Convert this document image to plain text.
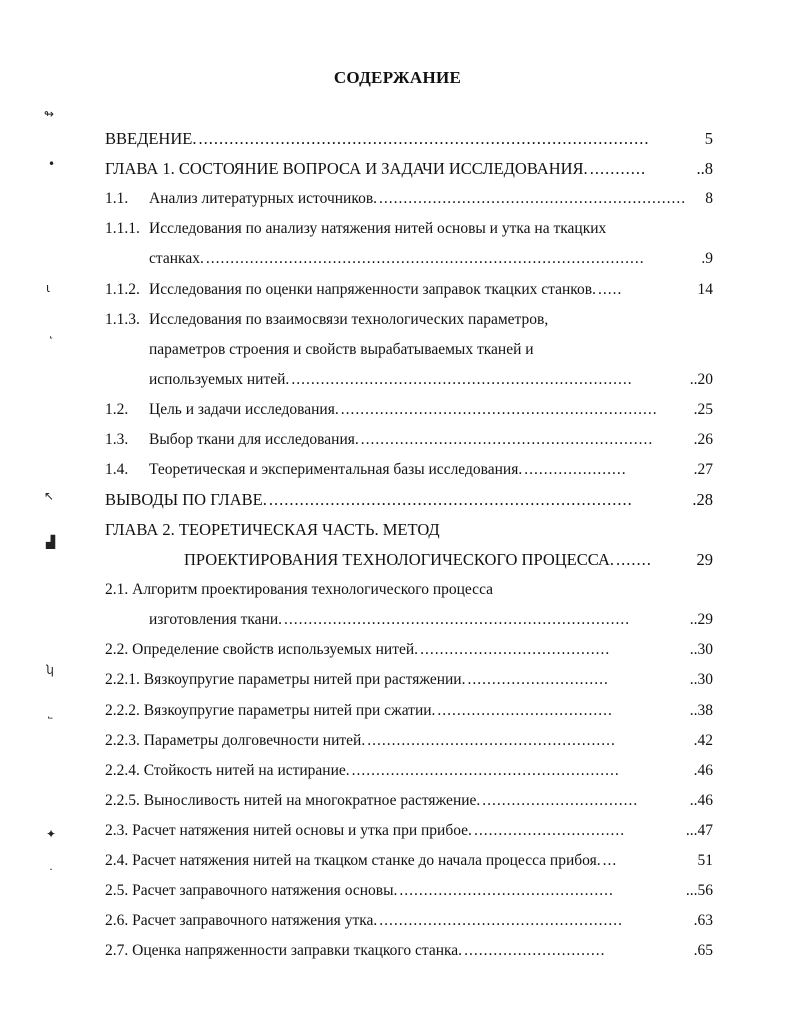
СОДЕРЖАНИЕ
ВВЕДЕНИЕ. ........................................................................................	5
ГЛАВА 1. СОСТОЯНИЕ ВОПРОСА И ЗАДАЧИ ИССЛЕДОВАНИЯ. ...........	..8
1.1.	Анализ литературных источников. ...............................................................	8
1.1.1. Исследования по анализу натяжения нитей основы и утка на ткацких
станках. ..........................................................................................	.9
1.1.2. Исследования по оценки напряженности заправок ткацких станков. .....	14
1.1.3. Исследования по взаимосвязи технологических параметров,
параметров строения и свойств вырабатываемых тканей и
используемых нитей. ......................................................................	..20
1.2.	Цель и задачи исследования. .................................................................	.25
1.3.	Выбор ткани для исследования. ............................................................	.26
1.4.	Теоретическая и экспериментальная базы исследования. .....................	.27
ВЫВОДЫ ПО ГЛАВЕ. .......................................................................	.28
ГЛАВА 2. ТЕОРЕТИЧЕСКАЯ ЧАСТЬ. МЕТОД
ПРОЕКТИРОВАНИЯ ТЕХНОЛОГИЧЕСКОГО ПРОЦЕССА. .......	29
2.1. Алгоритм проектирования технологического процесса
изготовления ткани. .......................................................................	..29
2.2. Определение свойств используемых нитей. .......................................	..30
2.2.1. Вязкоупругие параметры нитей при растяжении. .............................	..30
2.2.2. Вязкоупругие параметры нитей при сжатии. ....................................	..38
2.2.3. Параметры долговечности нитей. ...................................................	.42
2.2.4. Стойкость нитей на истирание. .......................................................	.46
2.2.5. Выносливость нитей на многократное растяжение. ................................	..46
2.3. Расчет натяжения нитей основы и утка при прибое. ...............................	...47
2.4. Расчет натяжения нитей на ткацком станке до начала процесса прибоя. ...	51
2.5. Расчет заправочного натяжения основы. ............................................	...56
2.6. Расчет заправочного натяжения утка. ..................................................	.63
2.7. Оценка напряженности заправки ткацкого станка. .............................	.65
↬
•
ɩ
˛
↖
▟
ʮ
˾
✦
˙
